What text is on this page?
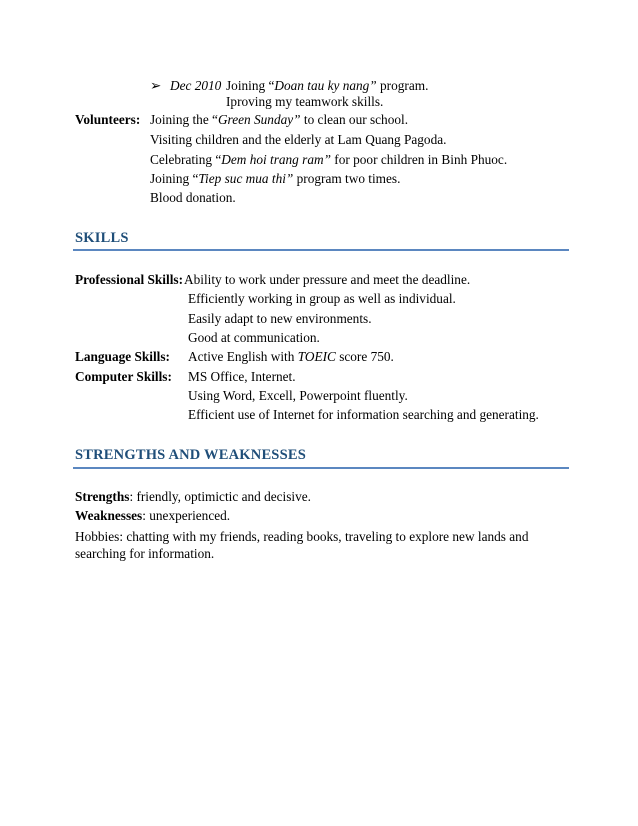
➢ Dec 2010 Joining “Doan tau ky nang” program.
Iproving my teamwork skills.
Volunteers: Joining the “Green Sunday” to clean our school.
Visiting children and the elderly at Lam Quang Pagoda.
Celebrating “Dem hoi trang ram” for poor children in Binh Phuoc.
Joining “Tiep suc mua thi” program two times.
Blood donation.
SKILLS
Professional Skills: Ability to work under pressure and meet the deadline.
Efficiently working in group as well as individual.
Easily adapt to new environments.
Good at communication.
Language Skills: Active English with TOEIC score 750.
Computer Skills: MS Office, Internet.
Using Word, Excell, Powerpoint fluently.
Efficient use of Internet for information searching and generating.
STRENGTHS AND WEAKNESSES
Strengths: friendly, optimictic and decisive.
Weaknesses: unexperienced.
Hobbies: chatting with my friends, reading books, traveling to explore new lands and searching for information.
